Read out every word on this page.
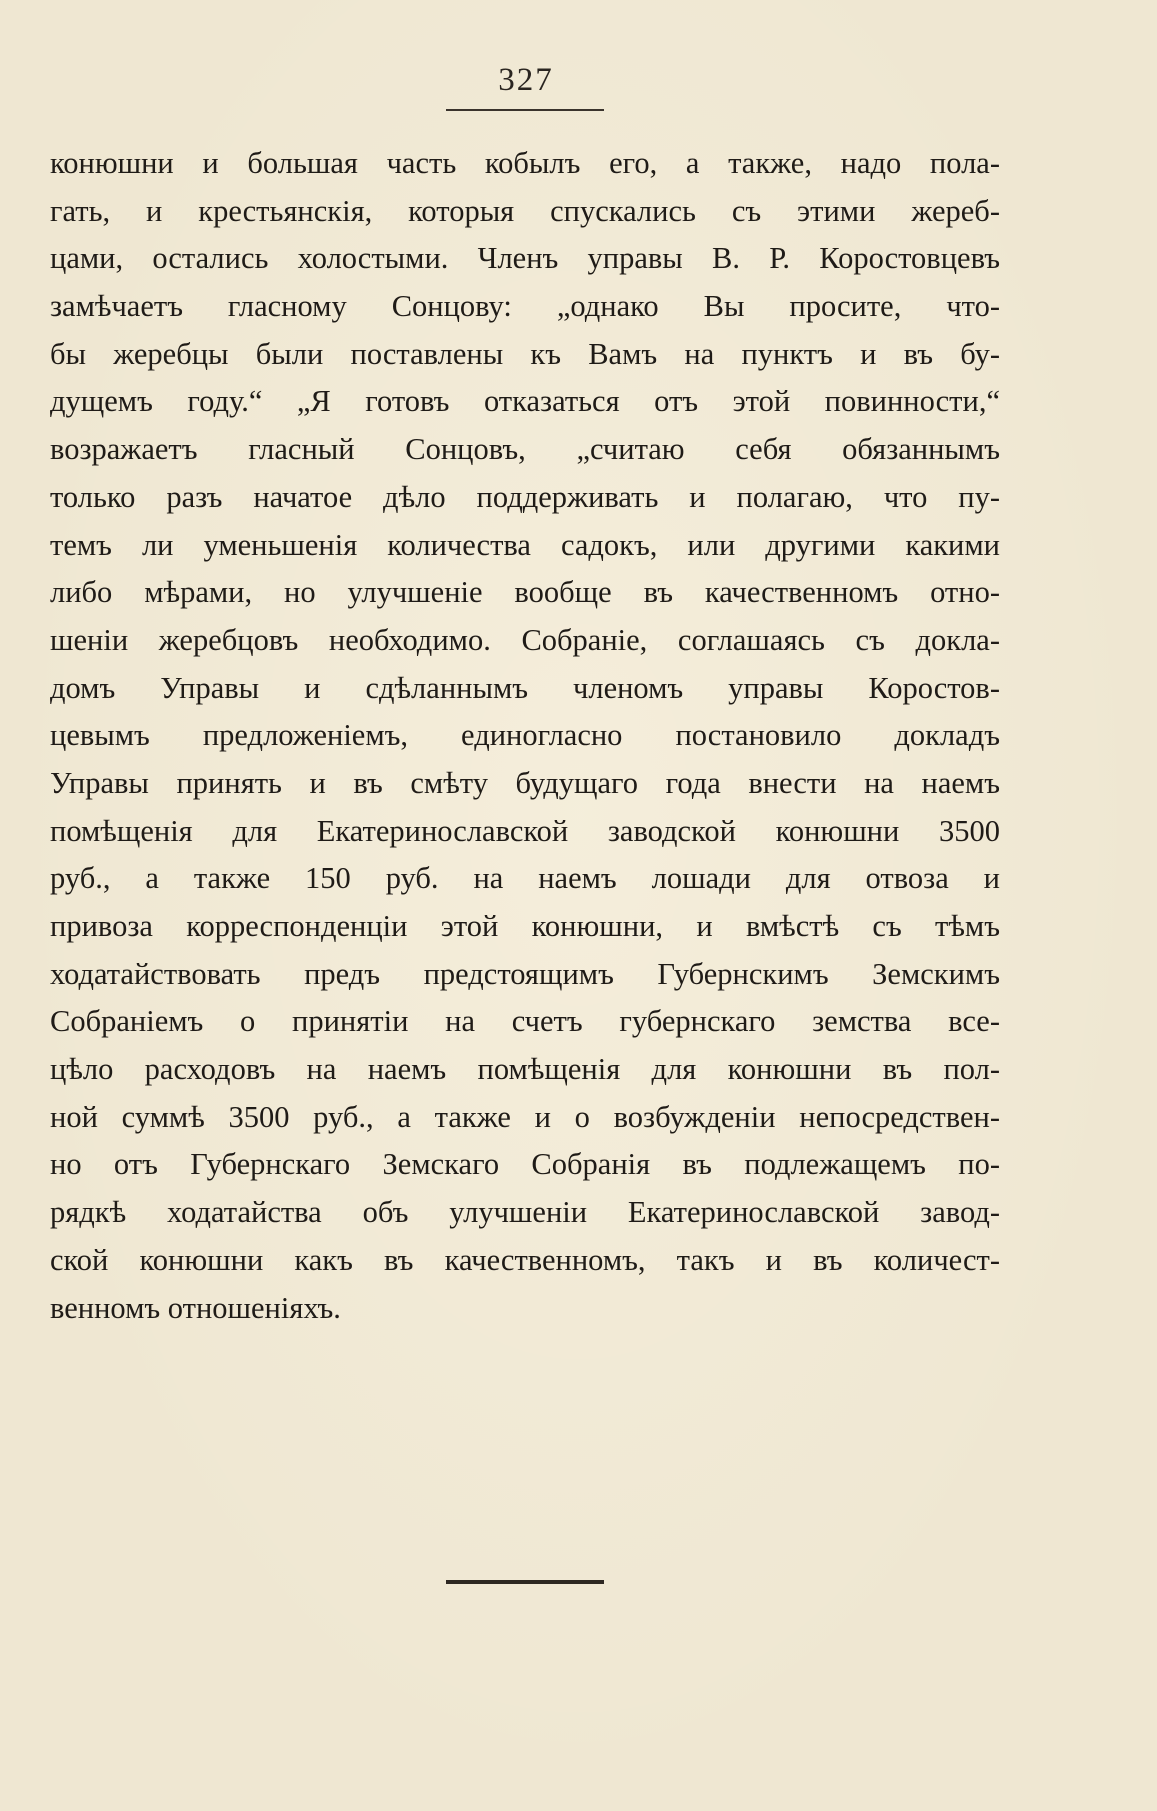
327
конюшни и большая часть кобылъ его, а также, надо пола-
гать, и крестьянскія, которыя спускались съ этими жереб-
цами, остались холостыми. Членъ управы В. Р. Коростовцевъ
замѣчаетъ гласному Сонцову: „однако Вы просите, что-
бы жеребцы были поставлены къ Вамъ на пунктъ и въ бу-
дущемъ году.“ „Я готовъ отказаться отъ этой повинности,“
возражаетъ гласный Сонцовъ, „считаю себя обязаннымъ
только разъ начатое дѣло поддерживать и полагаю, что пу-
темъ ли уменьшенія количества садокъ, или другими какими
либо мѣрами, но улучшеніе вообще въ качественномъ отно-
шеніи жеребцовъ необходимо. Собраніе, соглашаясь съ докла-
домъ Управы и сдѣланнымъ членомъ управы Коростов-
цевымъ предложеніемъ, единогласно постановило докладъ
Управы принять и въ смѣту будущаго года внести на наемъ
помѣщенія для Екатеринославской заводской конюшни 3500
руб., а также 150 руб. на наемъ лошади для отвоза и
привоза корреспонденціи этой конюшни, и вмѣстѣ съ тѣмъ
ходатайствовать предъ предстоящимъ Губернскимъ Земскимъ
Собраніемъ о принятіи на счетъ губернскаго земства все-
цѣло расходовъ на наемъ помѣщенія для конюшни въ пол-
ной суммѣ 3500 руб., а также и о возбужденіи непосредствен-
но отъ Губернскаго Земскаго Собранія въ подлежащемъ по-
рядкѣ ходатайства объ улучшеніи Екатеринославской завод-
ской конюшни какъ въ качественномъ, такъ и въ количест-
венномъ отношеніяхъ.
